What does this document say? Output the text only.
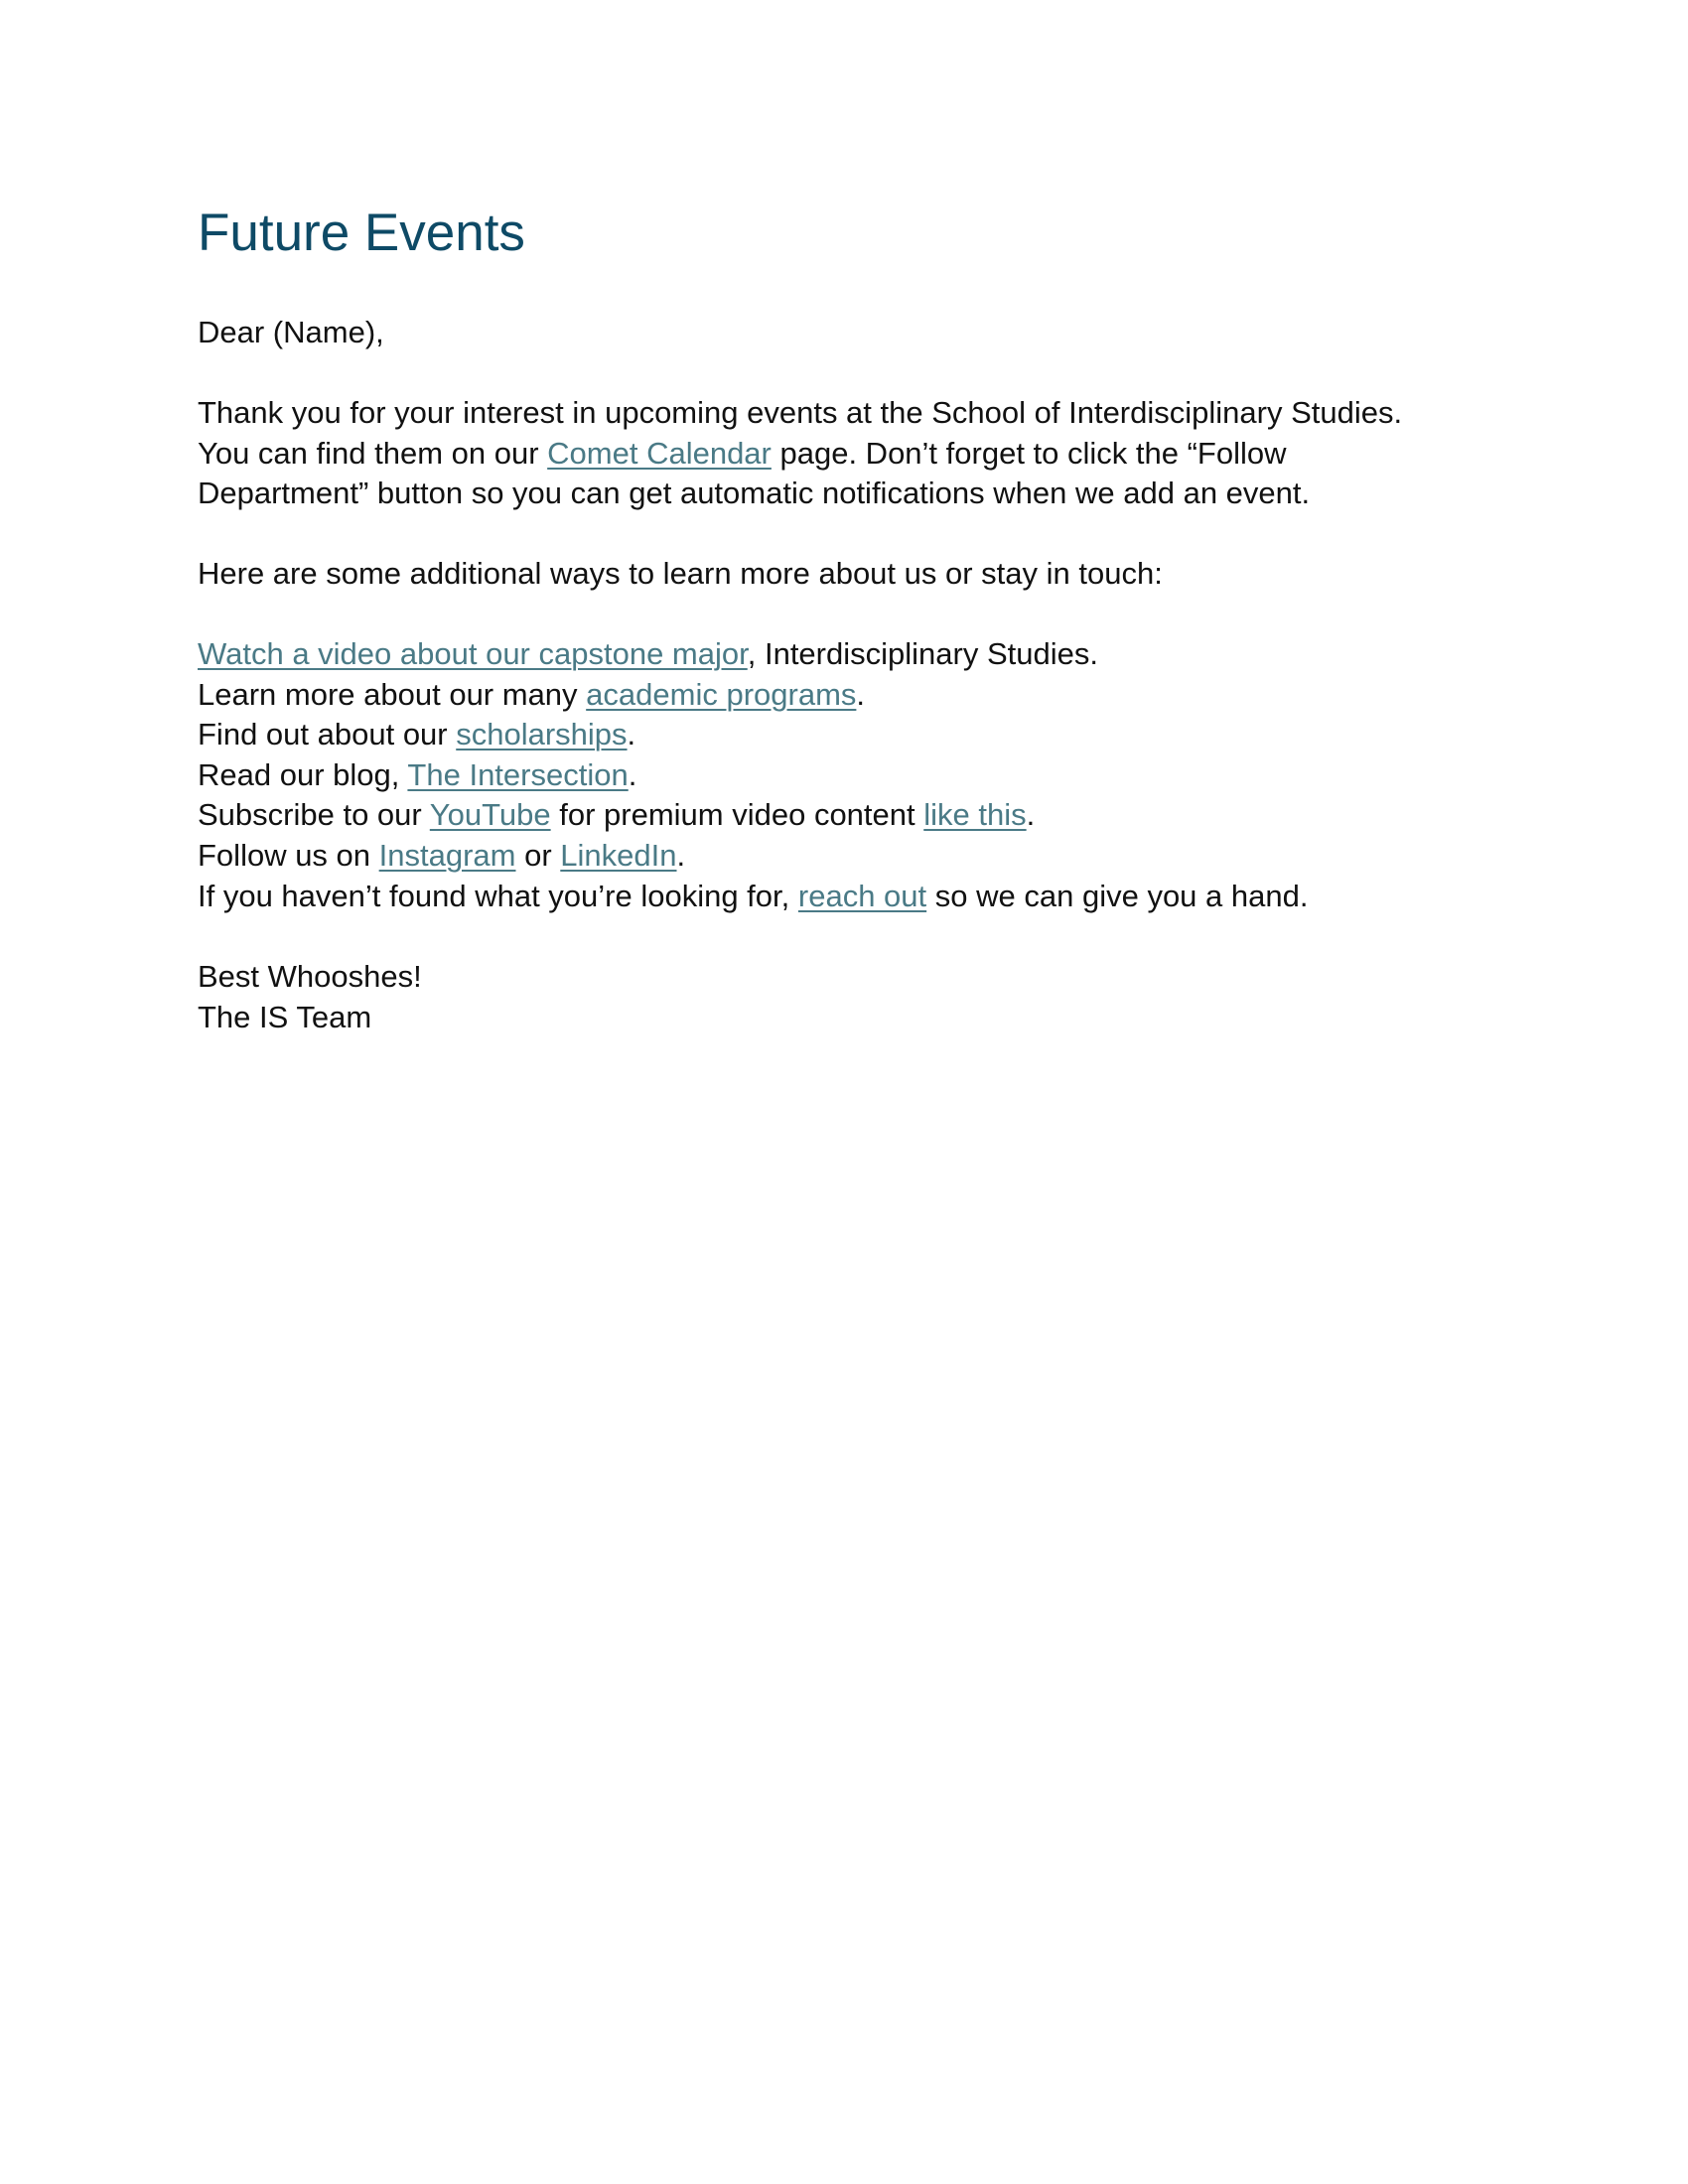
Future Events

Dear (Name),

Thank you for your interest in upcoming events at the School of Interdisciplinary Studies.
You can find them on our Comet Calendar page. Don’t forget to click the “Follow
Department” button so you can get automatic notifications when we add an event.

Here are some additional ways to learn more about us or stay in touch:

Watch a video about our capstone major, Interdisciplinary Studies.
Learn more about our many academic programs.
Find out about our scholarships.
Read our blog, The Intersection.
Subscribe to our YouTube for premium video content like this.
Follow us on Instagram or LinkedIn.

If you haven’t found what you’re looking for, reach out so we can give you a hand.

Best Whooshes!
The IS Team
